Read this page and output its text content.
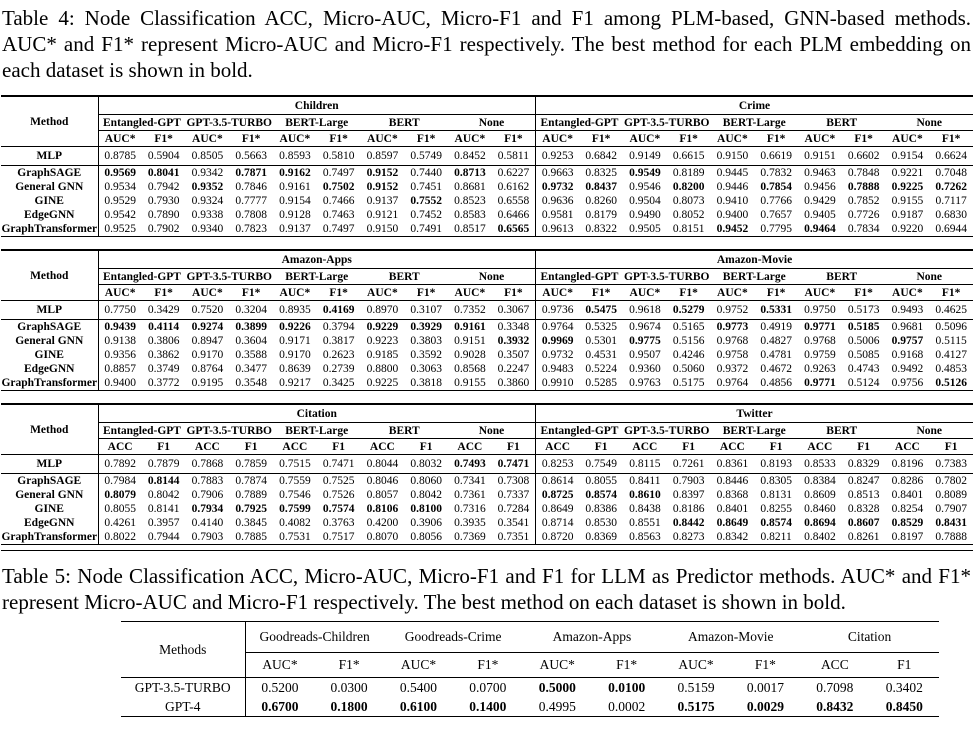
Table 4: Node Classification ACC, Micro-AUC, Micro-F1 and F1 among PLM-based, GNN-based methods. AUC* and F1* represent Micro-AUC and Micro-F1 respectively. The best method for each PLM embedding on each dataset is shown in bold.

Method	Children										Crime									
	Entangled-GPT		GPT-3.5-TURBO		BERT-Large		BERT		None		Entangled-GPT		GPT-3.5-TURBO		BERT-Large		BERT		None	
	AUC*	F1*	AUC*	F1*	AUC*	F1*	AUC*	F1*	AUC*	F1*	AUC*	F1*	AUC*	F1*	AUC*	F1*	AUC*	F1*	AUC*	F1*
MLP	0.8785	0.5904	0.8505	0.5663	0.8593	0.5810	0.8597	0.5749	0.8452	0.5811	0.9253	0.6842	0.9149	0.6615	0.9150	0.6619	0.9151	0.6602	0.9154	0.6624
GraphSAGE	0.9569	0.8041	0.9342	0.7871	0.9162	0.7497	0.9152	0.7440	0.8713	0.6227	0.9663	0.8325	0.9549	0.8189	0.9445	0.7832	0.9463	0.7848	0.9221	0.7048
General GNN	0.9534	0.7942	0.9352	0.7846	0.9161	0.7502	0.9152	0.7451	0.8681	0.6162	0.9732	0.8437	0.9546	0.8200	0.9446	0.7854	0.9456	0.7888	0.9225	0.7262
GINE	0.9529	0.7930	0.9324	0.7777	0.9154	0.7466	0.9137	0.7552	0.8523	0.6558	0.9636	0.8260	0.9504	0.8073	0.9410	0.7766	0.9429	0.7852	0.9155	0.7117
EdgeGNN	0.9542	0.7890	0.9338	0.7808	0.9128	0.7463	0.9121	0.7452	0.8583	0.6466	0.9581	0.8179	0.9490	0.8052	0.9400	0.7657	0.9405	0.7726	0.9187	0.6830
GraphTransformer	0.9525	0.7902	0.9340	0.7823	0.9137	0.7497	0.9150	0.7491	0.8517	0.6565	0.9613	0.8322	0.9505	0.8151	0.9452	0.7795	0.9464	0.7834	0.9220	0.6944
Method	Amazon-Apps										Amazon-Movie									
	Entangled-GPT		GPT-3.5-TURBO		BERT-Large		BERT		None		Entangled-GPT		GPT-3.5-TURBO		BERT-Large		BERT		None	
	AUC*	F1*	AUC*	F1*	AUC*	F1*	AUC*	F1*	AUC*	F1*	AUC*	F1*	AUC*	F1*	AUC*	F1*	AUC*	F1*	AUC*	F1*
MLP	0.7750	0.3429	0.7520	0.3204	0.8935	0.4169	0.8970	0.3107	0.7352	0.3067	0.9736	0.5475	0.9618	0.5279	0.9752	0.5331	0.9750	0.5173	0.9493	0.4625
GraphSAGE	0.9439	0.4114	0.9274	0.3899	0.9226	0.3794	0.9229	0.3929	0.9161	0.3348	0.9764	0.5325	0.9674	0.5165	0.9773	0.4919	0.9771	0.5185	0.9681	0.5096
General GNN	0.9138	0.3806	0.8947	0.3604	0.9171	0.3817	0.9223	0.3803	0.9151	0.3932	0.9969	0.5301	0.9775	0.5156	0.9768	0.4827	0.9768	0.5006	0.9757	0.5115
GINE	0.9356	0.3862	0.9170	0.3588	0.9170	0.2623	0.9185	0.3592	0.9028	0.3507	0.9732	0.4531	0.9507	0.4246	0.9758	0.4781	0.9759	0.5085	0.9168	0.4127
EdgeGNN	0.8857	0.3749	0.8764	0.3477	0.8639	0.2739	0.8800	0.3063	0.8568	0.2247	0.9483	0.5224	0.9360	0.5060	0.9372	0.4672	0.9263	0.4743	0.9492	0.4853
GraphTransformer	0.9400	0.3772	0.9195	0.3548	0.9217	0.3425	0.9225	0.3818	0.9155	0.3860	0.9910	0.5285	0.9763	0.5175	0.9764	0.4856	0.9771	0.5124	0.9756	0.5126
Method	Citation										Twitter									
	Entangled-GPT		GPT-3.5-TURBO		BERT-Large		BERT		None		Entangled-GPT		GPT-3.5-TURBO		BERT-Large		BERT		None	
	ACC	F1	ACC	F1	ACC	F1	ACC	F1	ACC	F1	ACC	F1	ACC	F1	ACC	F1	ACC	F1	ACC	F1
MLP	0.7892	0.7879	0.7868	0.7859	0.7515	0.7471	0.8044	0.8032	0.7493	0.7471	0.8253	0.7549	0.8115	0.7261	0.8361	0.8193	0.8533	0.8329	0.8196	0.7383
GraphSAGE	0.7984	0.8144	0.7883	0.7874	0.7559	0.7525	0.8046	0.8060	0.7341	0.7308	0.8614	0.8055	0.8411	0.7903	0.8446	0.8305	0.8384	0.8247	0.8286	0.7802
General GNN	0.8079	0.8042	0.7906	0.7889	0.7546	0.7526	0.8057	0.8042	0.7361	0.7337	0.8725	0.8574	0.8610	0.8397	0.8368	0.8131	0.8609	0.8513	0.8401	0.8089
GINE	0.8055	0.8141	0.7934	0.7925	0.7599	0.7574	0.8106	0.8100	0.7316	0.7284	0.8649	0.8386	0.8438	0.8186	0.8401	0.8255	0.8460	0.8328	0.8254	0.7907
EdgeGNN	0.4261	0.3957	0.4140	0.3845	0.4082	0.3763	0.4200	0.3906	0.3935	0.3541	0.8714	0.8530	0.8551	0.8442	0.8649	0.8574	0.8694	0.8607	0.8529	0.8431
GraphTransformer	0.8022	0.7944	0.7903	0.7885	0.7531	0.7517	0.8070	0.8056	0.7369	0.7351	0.8720	0.8369	0.8563	0.8273	0.8342	0.8211	0.8402	0.8261	0.8197	0.7888

Table 5: Node Classification ACC, Micro-AUC, Micro-F1 and F1 for LLM as Predictor methods. AUC* and F1* represent Micro-AUC and Micro-F1 respectively. The best method on each dataset is shown in bold.

Methods	Goodreads-Children		Goodreads-Crime		Amazon-Apps		Amazon-Movie		Citation	
	AUC*	F1*	AUC*	F1*	AUC*	F1*	AUC*	F1*	ACC	F1
GPT-3.5-TURBO	0.5200	0.0300	0.5400	0.0700	0.5000	0.0100	0.5159	0.0017	0.7098	0.3402
GPT-4	0.6700	0.1800	0.6100	0.1400	0.4995	0.0002	0.5175	0.0029	0.8432	0.8450
